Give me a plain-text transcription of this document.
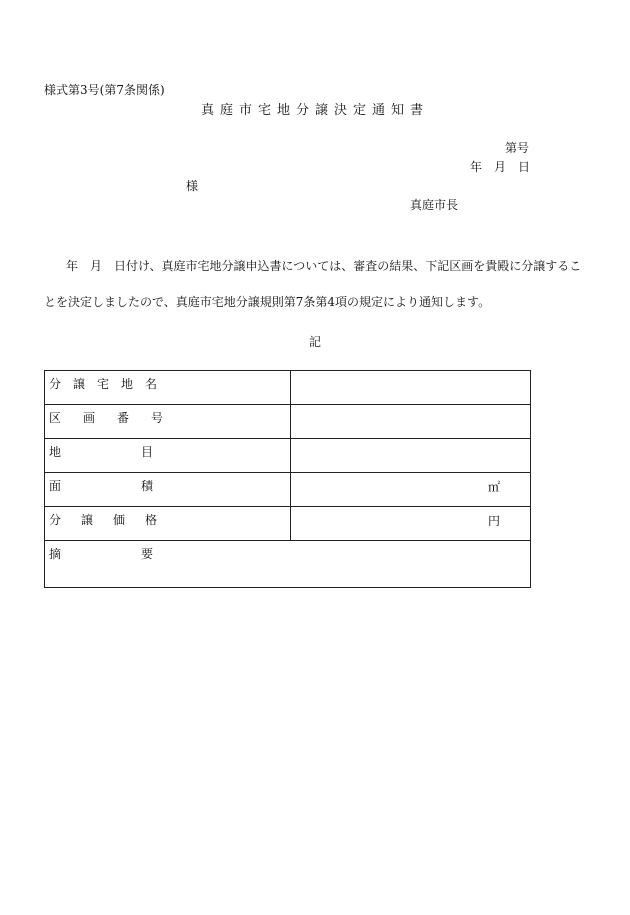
様式第3号(第7条関係)
真庭市宅地分譲決定通知書
第号
年　月　日
様
真庭市長
年　月　日付け、真庭市宅地分譲申込書については、審査の結果、下記区画を貴殿に分譲するこ
とを決定しましたので、真庭市宅地分譲規則第7条第4項の規定により通知します。
記
分譲宅地名	

区画番号	

地目	

面積	㎡

分譲価格	円

摘要	
